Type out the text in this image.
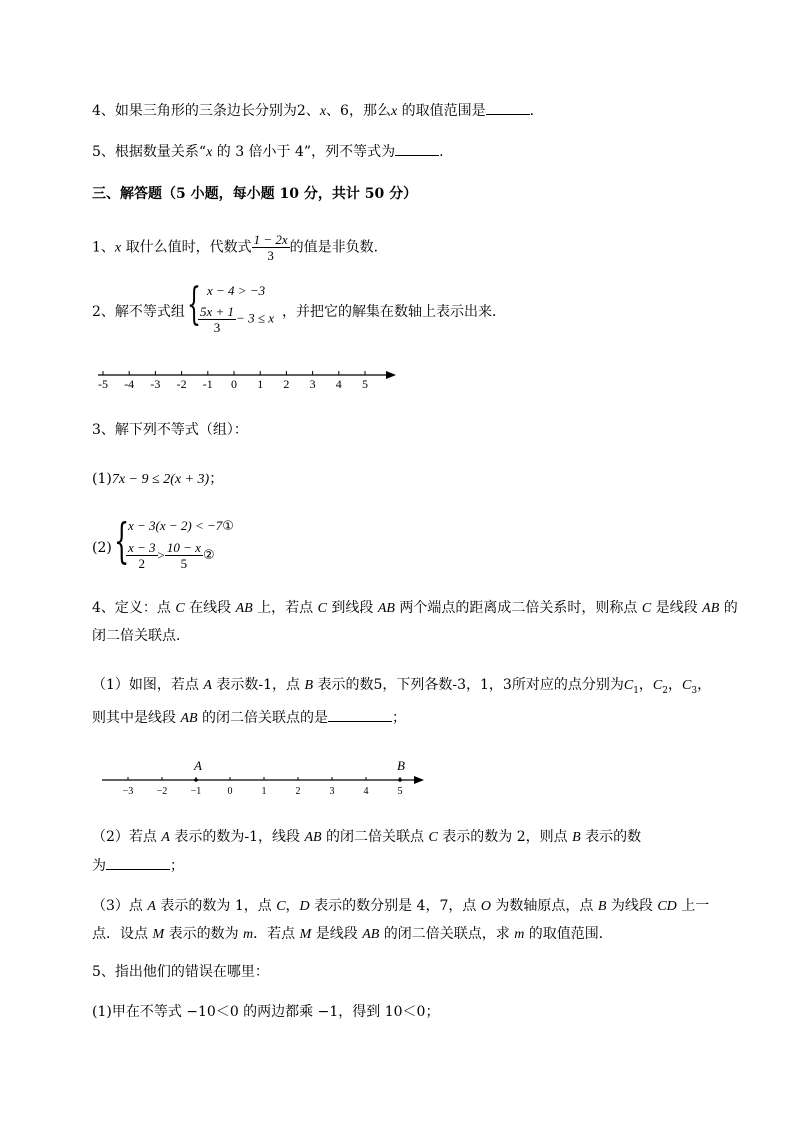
4、如果三角形的三条边长分别为2、x、6，那么x 的取值范围是	.
5、根据数量关系“x 的 3 倍小于 4”，列不等式为	.
三、解答题（5 小题，每小题 10 分，共计 50 分）
1、x 取什么值时，代数式 $\frac{1 - 2x}{3}$ 的值是非负数．
2、解不等式组 { x − 4 > −3
$\frac{5x + 1}{3} - 3 \le x$ ，并把它的解集在数轴上表示出来．
-5 -4 -3 -2 -1 0 1 2 3 4 5
3、解下列不等式（组）：
(1)7x − 9 ≤ 2(x + 3)；
(2) {
x − 3(x − 2) < −7①
$\frac{x - 3}{2} > \frac{10 - x}{5}$ ②
4、定义：点 C 在线段 AB 上，若点 C 到线段 AB 两个端点的距离成二倍关系时，则称点 C 是线段 AB 的
闭二倍关联点．
（1）如图，若点 A 表示数-1，点 B 表示的数5，下列各数-3，1，3所对应的点分别为$C_1$，$C_2$，$C_3$，
则其中是线段 AB 的闭二倍关联点的是	；
A	B
−3 −2 −1	0	1	2	3	4	5
（2）若点 A 表示的数为-1，线段 AB 的闭二倍关联点 C 表示的数为 2，则点 B 表示的数
为	；
（3）点 A 表示的数为 1，点 C，D 表示的数分别是 4，7，点 O 为数轴原点，点 B 为线段 CD 上一
点．设点 M 表示的数为 m．若点 M 是线段 AB 的闭二倍关联点，求 m 的取值范围．
5、指出他们的错误在哪里：
(1)甲在不等式 −10＜0 的两边都乘 −1，得到 10＜0；
